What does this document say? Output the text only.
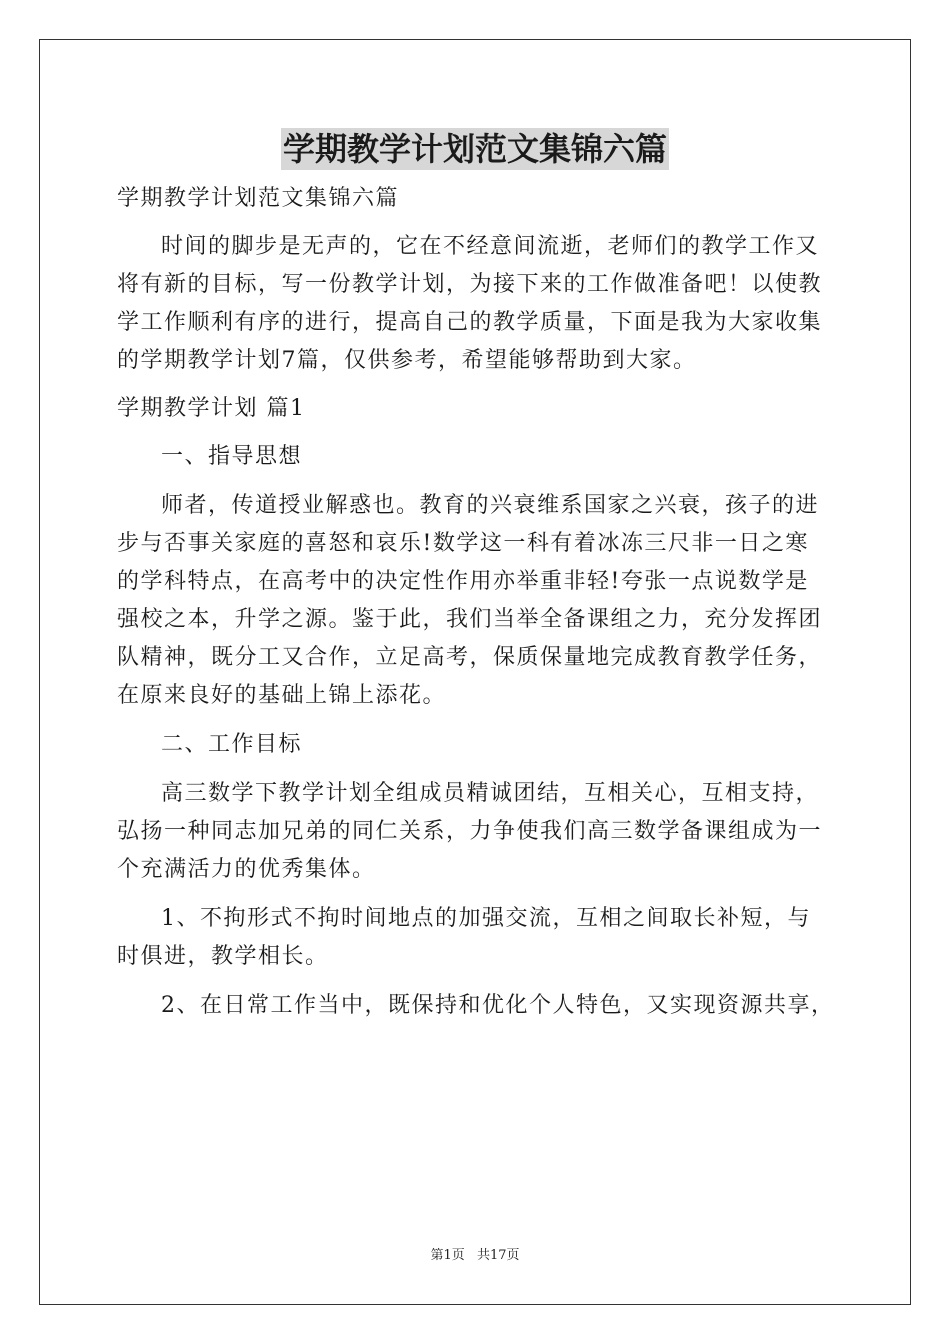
学期教学计划范文集锦六篇
学期教学计划范文集锦六篇
时间的脚步是无声的，它在不经意间流逝，老师们的教学工作又
将有新的目标，写一份教学计划，为接下来的工作做准备吧！以使教
学工作顺利有序的进行，提高自己的教学质量，下面是我为大家收集
的学期教学计划7篇，仅供参考，希望能够帮助到大家。
学期教学计划 篇1
一、指导思想
师者，传道授业解惑也。教育的兴衰维系国家之兴衰，孩子的进
步与否事关家庭的喜怒和哀乐!数学这一科有着冰冻三尺非一日之寒
的学科特点，在高考中的决定性作用亦举重非轻!夸张一点说数学是
强校之本，升学之源。鉴于此，我们当举全备课组之力，充分发挥团
队精神，既分工又合作，立足高考，保质保量地完成教育教学任务，
在原来良好的基础上锦上添花。
二、工作目标
高三数学下教学计划全组成员精诚团结，互相关心，互相支持，
弘扬一种同志加兄弟的同仁关系，力争使我们高三数学备课组成为一
个充满活力的优秀集体。
1、不拘形式不拘时间地点的加强交流，互相之间取长补短，与
时俱进，教学相长。
2、在日常工作当中，既保持和优化个人特色，又实现资源共享，
第1页 共17页
